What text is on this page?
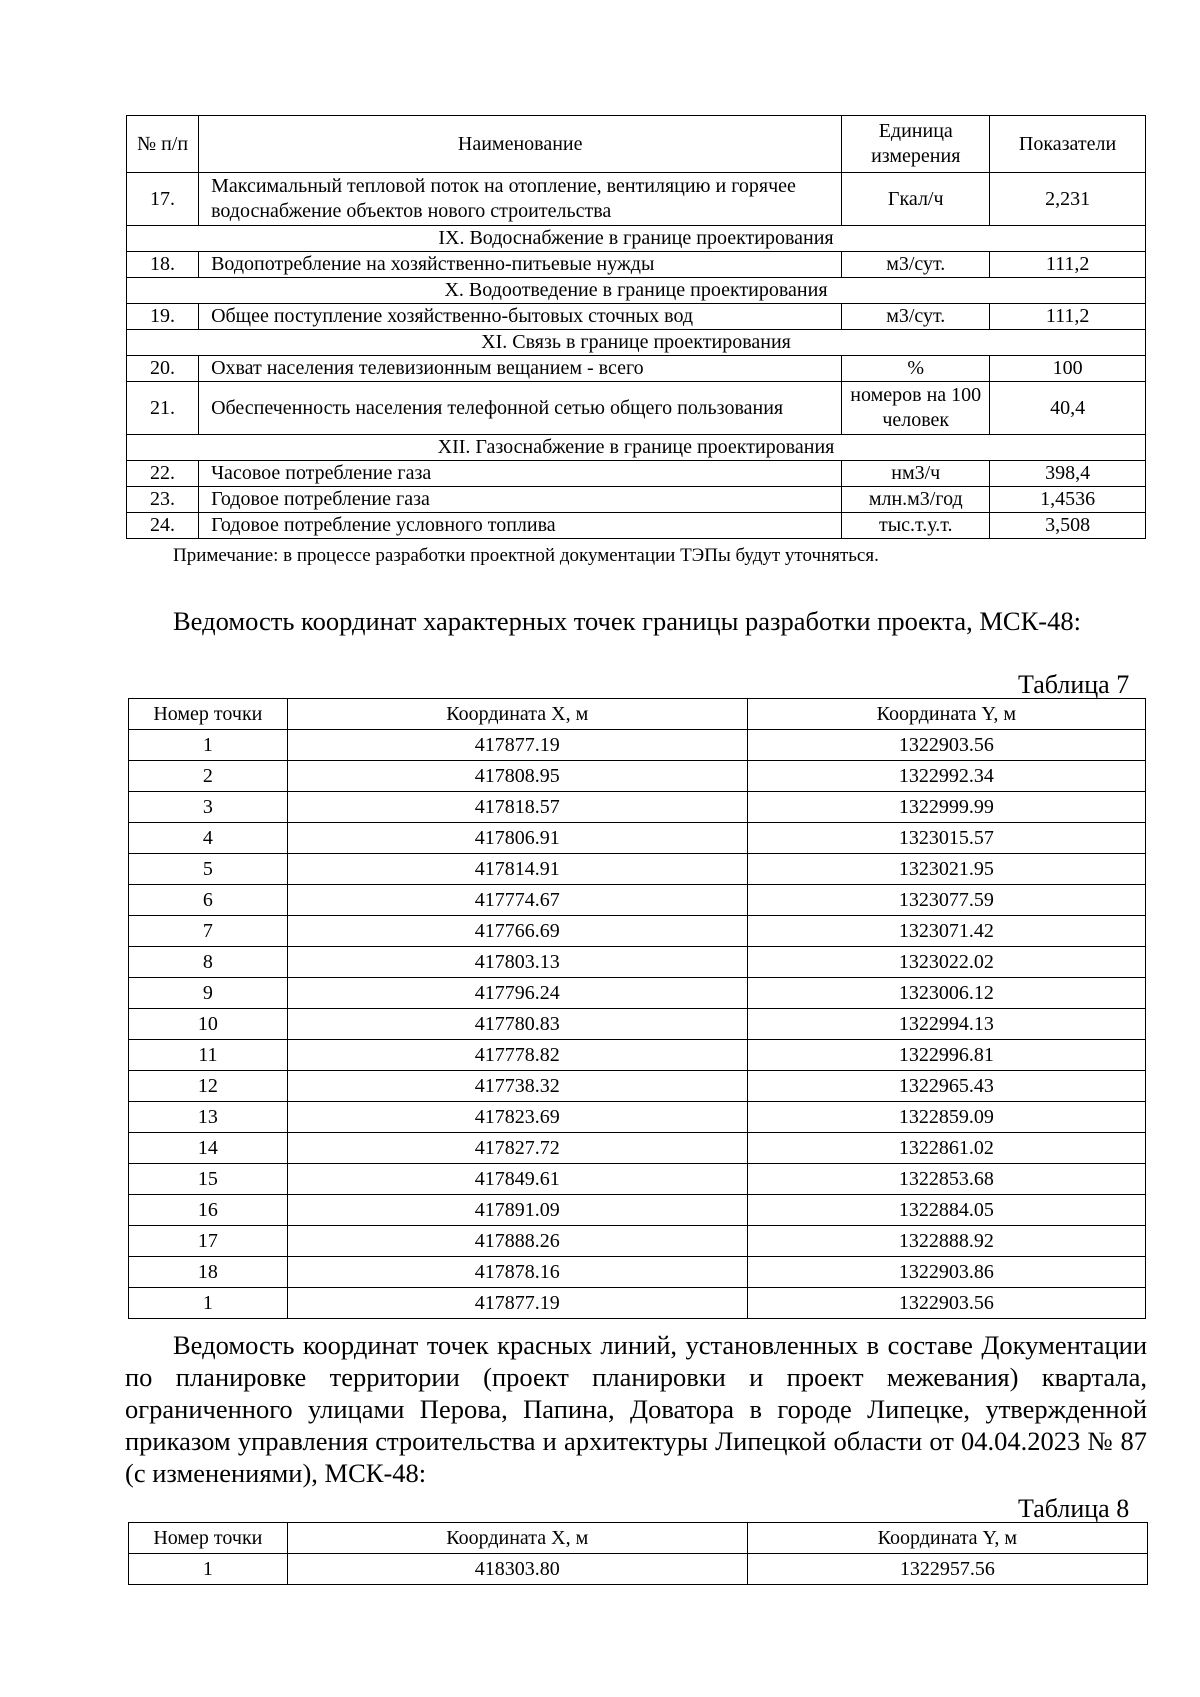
№ п/п	Наименование	Единица измерения	Показатели
17.	Максимальный тепловой поток на отопление, вентиляцию и горячее водоснабжение объектов нового строительства	Гкал/ч	2,231
IX. Водоснабжение в границе проектирования			
18.	Водопотребление на хозяйственно-питьевые нужды	м3/сут.	111,2
X. Водоотведение в границе проектирования			
19.	Общее поступление хозяйственно-бытовых сточных вод	м3/сут.	111,2
XI. Связь в границе проектирования			
20.	Охват населения телевизионным вещанием - всего	%	100
21.	Обеспеченность населения телефонной сетью общего пользования	номеров на 100 человек	40,4
XII. Газоснабжение в границе проектирования			
22.	Часовое потребление газа	нм3/ч	398,4
23.	Годовое потребление газа	млн.м3/год	1,4536
24.	Годовое потребление условного топлива	тыс.т.у.т.	3,508
Примечание: в процессе разработки проектной документации ТЭПы будут уточняться.
Ведомость координат характерных точек границы разработки проекта, МСК-48:
Таблица 7
Номер точки	Координата X, м	Координата Y, м
1	417877.19	1322903.56
2	417808.95	1322992.34
3	417818.57	1322999.99
4	417806.91	1323015.57
5	417814.91	1323021.95
6	417774.67	1323077.59
7	417766.69	1323071.42
8	417803.13	1323022.02
9	417796.24	1323006.12
10	417780.83	1322994.13
11	417778.82	1322996.81
12	417738.32	1322965.43
13	417823.69	1322859.09
14	417827.72	1322861.02
15	417849.61	1322853.68
16	417891.09	1322884.05
17	417888.26	1322888.92
18	417878.16	1322903.86
1	417877.19	1322903.56
Ведомость координат точек красных линий, установленных в составе Документации по планировке территории (проект планировки и проект межевания) квартала, ограниченного улицами Перова, Папина, Доватора в городе Липецке, утвержденной приказом управления строительства и архитектуры Липецкой области от 04.04.2023 № 87 (с изменениями), МСК-48:
Таблица 8
Номер точки	Координата X, м	Координата Y, м
1	418303.80	1322957.56
